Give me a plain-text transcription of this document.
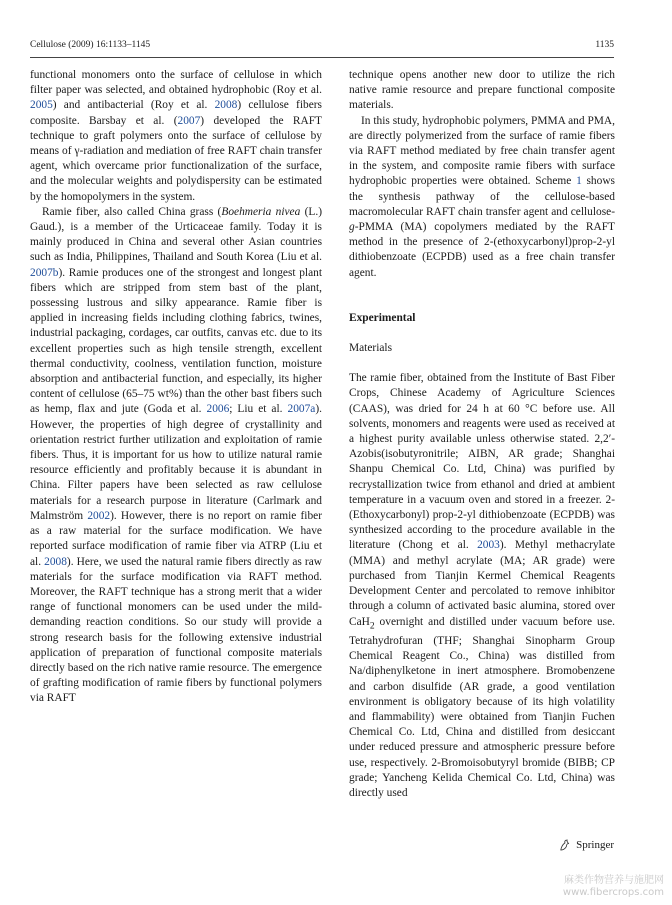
Cellulose (2009) 16:1133–1145	1135

functional monomers onto the surface of cellulose in which filter paper was selected, and obtained hydrophobic (Roy et al. 2005) and antibacterial (Roy et al. 2008) cellulose fibers composite. Barsbay et al. (2007) developed the RAFT technique to graft polymers onto the surface of cellulose by means of γ-radiation and mediation of free RAFT chain transfer agent, which overcame prior functionalization of the surface, and the molecular weights and polydispersity can be estimated by the homopolymers in the system.

Ramie fiber, also called China grass (Boehmeria nivea (L.) Gaud.), is a member of the Urticaceae family. Today it is mainly produced in China and several other Asian countries such as India, Philippines, Thailand and South Korea (Liu et al. 2007b). Ramie produces one of the strongest and longest plant fibers which are stripped from stem bast of the plant, possessing lustrous and silky appearance. Ramie fiber is applied in increasing fields including clothing fabrics, twines, industrial packaging, cordages, car outfits, canvas etc. due to its excellent properties such as high tensile strength, excellent thermal conductivity, coolness, ventilation function, moisture absorption and antibacterial function, and especially, its higher content of cellulose (65–75 wt%) than the other bast fibers such as hemp, flax and jute (Goda et al. 2006; Liu et al. 2007a). However, the properties of high degree of crystallinity and orientation restrict further utilization and exploitation of ramie fibers. Thus, it is important for us how to utilize natural ramie resource efficiently and profitably because it is abundant in China. Filter papers have been selected as raw cellulose materials for a research purpose in literature (Carlmark and Malmström 2002). However, there is no report on ramie fiber as a raw material for the surface modification. We have reported surface modification of ramie fiber via ATRP (Liu et al. 2008). Here, we used the natural ramie fibers directly as raw materials for the surface modification via RAFT method. Moreover, the RAFT technique has a strong merit that a wider range of functional monomers can be used under the mild-demanding reaction conditions. So our study will provide a strong research basis for the following extensive industrial application of preparation of functional composite materials directly based on the rich native ramie resource. The emergence of grafting modification of ramie fibers by functional polymers via RAFT

technique opens another new door to utilize the rich native ramie resource and prepare functional composite materials.

In this study, hydrophobic polymers, PMMA and PMA, are directly polymerized from the surface of ramie fibers via RAFT method mediated by free chain transfer agent in the system, and composite ramie fibers with surface hydrophobic properties were obtained. Scheme 1 shows the synthesis pathway of the cellulose-based macromolecular RAFT chain transfer agent and cellulose-g-PMMA (MA) copolymers mediated by the RAFT method in the presence of 2-(ethoxycarbonyl)prop-2-yl dithiobenzoate (ECPDB) used as a free chain transfer agent.

Experimental

Materials

The ramie fiber, obtained from the Institute of Bast Fiber Crops, Chinese Academy of Agriculture Sciences (CAAS), was dried for 24 h at 60 °C before use. All solvents, monomers and reagents were used as received at a highest purity available unless otherwise stated. 2,2′-Azobis(isobutyronitrile; AIBN, AR grade; Shanghai Shanpu Chemical Co. Ltd, China) was purified by recrystallization twice from ethanol and dried at ambient temperature in a vacuum oven and stored in a freezer. 2-(Ethoxycarbonyl) prop-2-yl dithiobenzoate (ECPDB) was synthesized according to the procedure available in the literature (Chong et al. 2003). Methyl methacrylate (MMA) and methyl acrylate (MA; AR grade) were purchased from Tianjin Kermel Chemical Reagents Development Center and percolated to remove inhibitor through a column of activated basic alumina, stored over CaH$_2$ overnight and distilled under vacuum before use. Tetrahydrofuran (THF; Shanghai Sinopharm Group Chemical Reagent Co., China) was distilled from Na/diphenylketone in inert atmosphere. Bromobenzene and carbon disulfide (AR grade, a good ventilation environment is obligatory because of its high volatility and flammability) were obtained from Tianjin Fuchen Chemical Co. Ltd, China and distilled from desiccant under reduced pressure and atmospheric pressure before use, respectively. 2-Bromoisobutyryl bromide (BIBB; CP grade; Yancheng Kelida Chemical Co. Ltd, China) was directly used

Springer
麻类作物营养与施肥网
www.fibercrops.com
